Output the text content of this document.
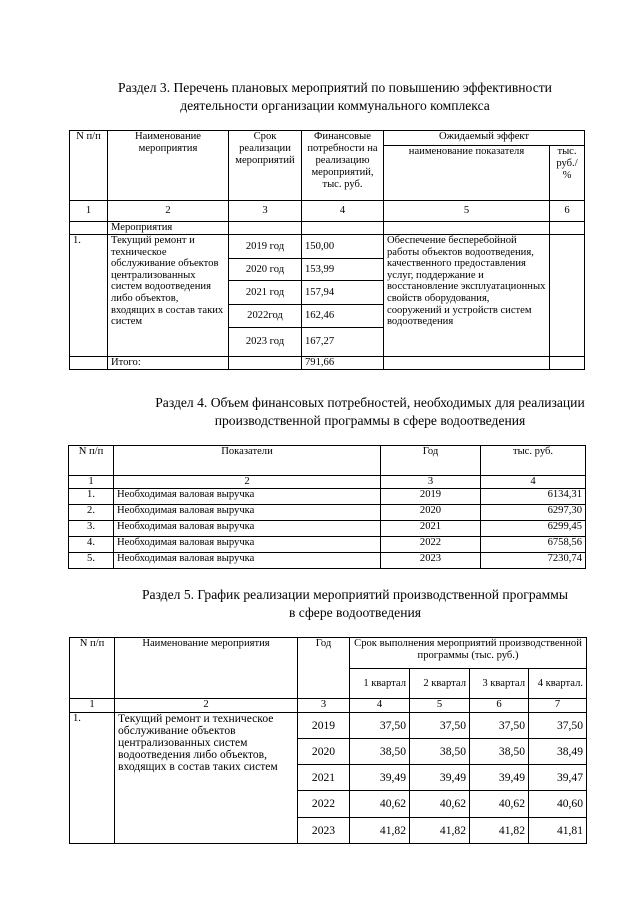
Раздел 3. Перечень плановых мероприятий по повышению эффективности
деятельности организации коммунального комплекса
N п/п	Наименование мероприятия	Срок реализации мероприятий	Финансовые потребности на реализацию мероприятий, тыс. руб.	Ожидаемый эффект	
				наименование показателя	тыс. руб./ %
1	2	3	4	5	6
	Мероприятия				
1.	Текущий ремонт и техническое обслуживание объектов централизованных систем водоотведения либо объектов, входящих в состав таких систем	2019 год	150,00	Обеспечение бесперебойной работы объектов водоотведения, качественного предоставления услуг, поддержание и восстановление эксплуатационных свойств оборудования, сооружений и устройств систем водоотведения	
		2020 год	153,99		
		2021 год	157,94		
		2022год	162,46		
		2023 год	167,27		
	Итого:		791,66		
Раздел 4. Объем финансовых потребностей, необходимых для реализации
производственной программы в сфере водоотведения
N п/п	Показатели	Год	тыс. руб.
1	2	3	4
1.	Необходимая валовая выручка	2019	6134,31
2.	Необходимая валовая выручка	2020	6297,30
3.	Необходимая валовая выручка	2021	6299,45
4.	Необходимая валовая выручка	2022	6758,56
5.	Необходимая валовая выручка	2023	7230,74
Раздел 5. График реализации мероприятий производственной программы
в сфере водоотведения
N п/п	Наименование мероприятия	Год	Срок выполнения мероприятий производственной программы (тыс. руб.)			
			1 квартал	2 квартал	3 квартал	4 квартал.
1	2	3	4	5	6	7
1.	Текущий ремонт и техническое обслуживание объектов централизованных систем водоотведения либо объектов, входящих в состав таких систем	2019	37,50	37,50	37,50	37,50
		2020	38,50	38,50	38,50	38,49
		2021	39,49	39,49	39,49	39,47
		2022	40,62	40,62	40,62	40,60
		2023	41,82	41,82	41,82	41,81
